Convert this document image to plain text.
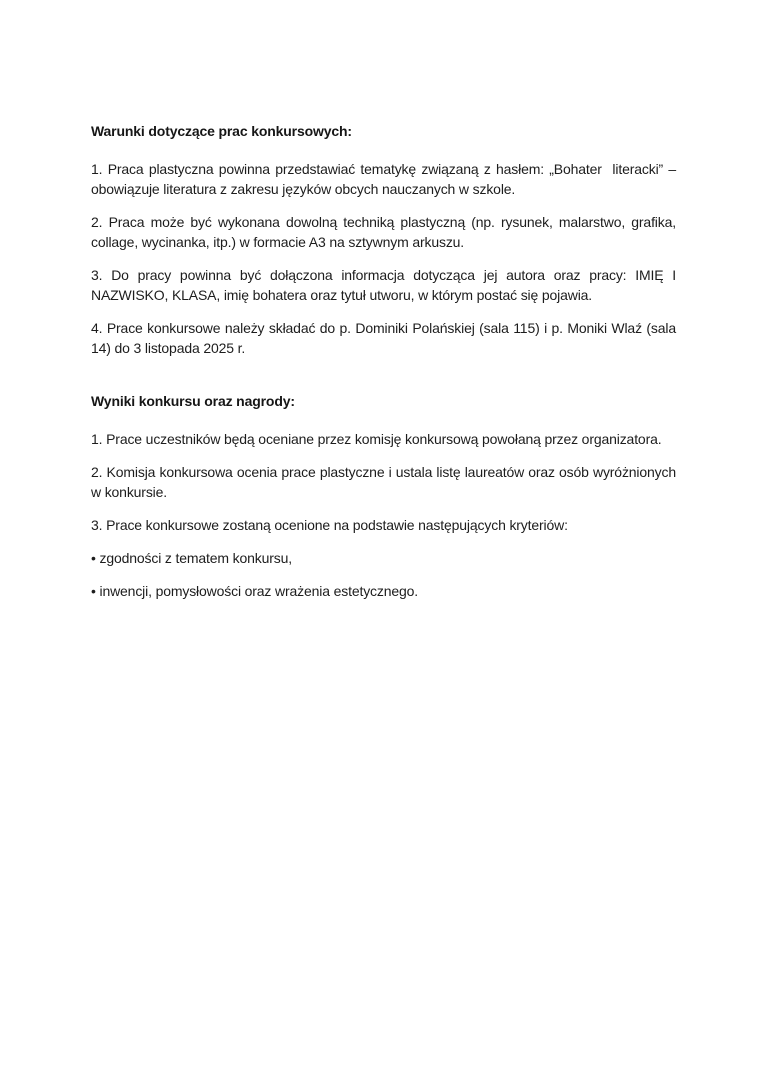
Warunki dotyczące prac konkursowych:

1. Praca plastyczna powinna przedstawiać tematykę związaną z hasłem: „Bohater  literacki” – obowiązuje literatura z zakresu języków obcych nauczanych w szkole.

2. Praca może być wykonana dowolną techniką plastyczną (np. rysunek, malarstwo, grafika, collage, wycinanka, itp.) w formacie A3 na sztywnym arkuszu.

3. Do pracy powinna być dołączona informacja dotycząca jej autora oraz pracy: IMIĘ I NAZWISKO, KLASA, imię bohatera oraz tytuł utworu, w którym postać się pojawia.

4. Prace konkursowe należy składać do p. Dominiki Polańskiej (sala 115) i p. Moniki Wlaź (sala 14) do 3 listopada 2025 r.

Wyniki konkursu oraz nagrody:

1. Prace uczestników będą oceniane przez komisję konkursową powołaną przez organizatora.

2. Komisja konkursowa ocenia prace plastyczne i ustala listę laureatów oraz osób wyróżnionych w konkursie.

3. Prace konkursowe zostaną ocenione na podstawie następujących kryteriów:

• zgodności z tematem konkursu,

• inwencji, pomysłowości oraz wrażenia estetycznego.
